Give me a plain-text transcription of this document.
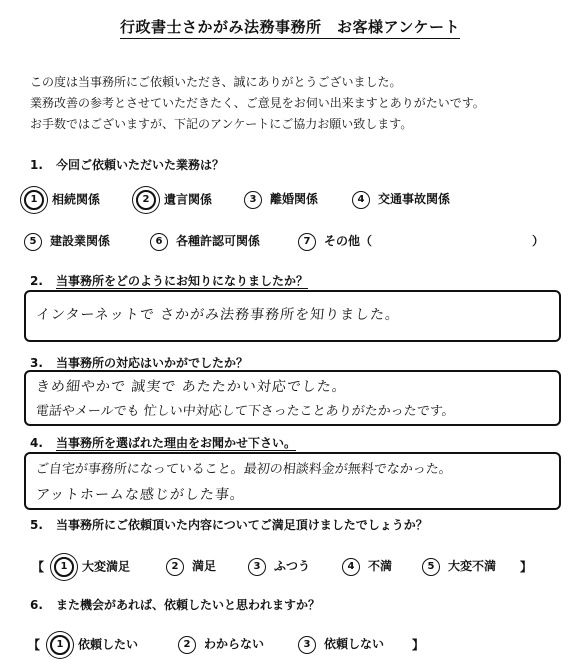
行政書士さかがみ法務事務所　お客様アンケート
この度は当事務所にご依頼いただき、誠にありがとうございました。
業務改善の参考とさせていただきたく、ご意見をお伺い出来ますとありがたいです。
お手数ではございますが、下記のアンケートにご協力お願い致します。
1. 今回ご依頼いただいた業務は？
1 相続関係	2 遺言関係	3 離婚関係	4 交通事故関係
5 建設業関係	6 各種許認可関係	7 その他（	）
2. 当事務所をどのようにお知りになりましたか？
インターネットで さかがみ法務事務所を知りました。
3. 当事務所の対応はいかがでしたか？
きめ細やかで 誠実で あたたかい対応でした。
電話やメールでも 忙しい中対応して下さったことありがたかったです。
4. 当事務所を選ばれた理由をお聞かせ下さい。
ご自宅が事務所になっていること。最初の相談料金が無料でなかった。
アットホームな感じがした事。
5. 当事務所にご依頼頂いた内容についてご満足頂けましたでしょうか？
【	1 大変満足	2 満足	3 ふつう	4 不満	5 大変不満 】
6. また機会があれば、依頼したいと思われますか？
【	1 依頼したい	2 わからない	3 依頼しない 】
